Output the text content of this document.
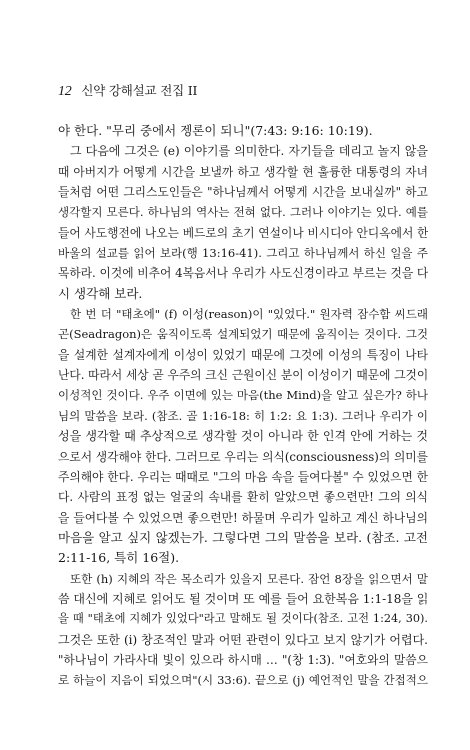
12 신약 강해설교 전집 II
야 한다. "무리 중에서 젱론이 되니"(7:43: 9:16: 10:19).
그 다음에 그것은 (e) 이야기를 의미한다. 자기들을 데리고 놀지 않을
때 아버지가 어떻게 시간을 보낼까 하고 생각할 현 훌륭한 대통령의 자녀
들처럼 어떤 그리스도인들은 "하나님께서 어떻게 시간을 보내실까" 하고
생각할지 모른다. 하나님의 역사는 전혀 없다. 그러나 이야기는 있다. 예를
들어 사도행전에 나오는 베드로의 초기 연설이나 비시디아 안디옥에서 한
바울의 설교를 읽어 보라(행 13:16-41). 그리고 하나님께서 하신 일을 주
목하라. 이것에 비추어 4복음서나 우리가 사도신경이라고 부르는 것을 다
시 생각해 보라.
한 번 더 "태초에" (f) 이성(reason)이 "있었다." 원자력 잠수함 씨드래
곤(Seadragon)은 움직이도록 설계되었기 때문에 움직이는 것이다. 그것
을 설계한 설계자에게 이성이 있었기 때문에 그것에 이성의 특징이 나타
난다. 따라서 세상 곧 우주의 크신 근원이신 분이 이성이기 때문에 그것이
이성적인 것이다. 우주 이면에 있는 마음(the Mind)을 알고 싶은가? 하나
님의 말씀을 보라. (참조. 골 1:16-18: 히 1:2: 요 1:3). 그러나 우리가 이
성을 생각할 때 추상적으로 생각할 것이 아니라 한 인격 안에 거하는 것
으로서 생각해야 한다. 그러므로 우리는 의식(consciousness)의 의미를
주의해야 한다. 우리는 때때로 "그의 마음 속을 들여다볼" 수 있었으면 한
다. 사람의 표정 없는 얼굴의 속내를 환히 알았으면 좋으련만! 그의 의식
을 들여다볼 수 있었으면 좋으련만! 하물며 우리가 일하고 계신 하나님의
마음을 알고 싶지 않겠는가. 그렇다면 그의 말씀을 보라. (참조. 고전
2:11-16, 특히 16절).
또한 (h) 지혜의 작은 목소리가 있을지 모른다. 잠언 8장을 읽으면서 말
씀 대신에 지혜로 읽어도 될 것이며 또 예를 들어 요한복음 1:1-18을 읽
을 때 "태초에 지혜가 있었다"라고 말해도 될 것이다(참조. 고전 1:24, 30).
그것은 또한 (i) 창조적인 말과 어떤 관련이 있다고 보지 않기가 어렵다.
"하나님이 가라사대 빛이 있으라 하시매 … "(창 1:3). "여호와의 말씀으
로 하늘이 지음이 되었으며"(시 33:6). 끝으로 (j) 예언적인 말을 간접적으
